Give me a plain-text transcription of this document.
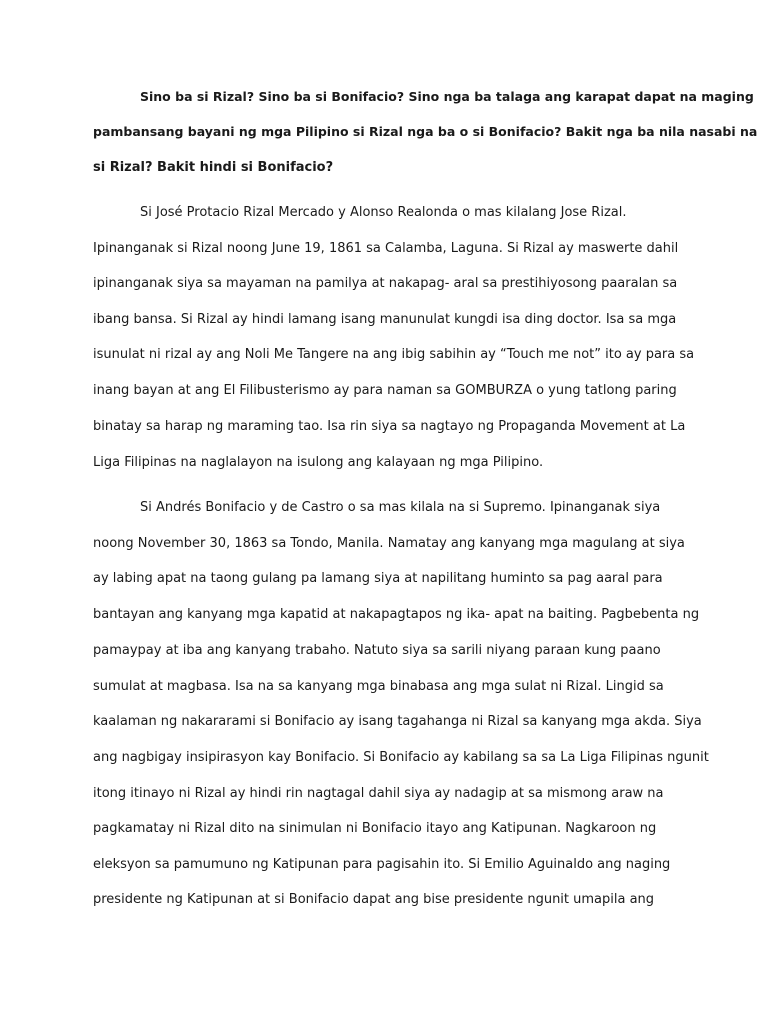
Sino ba si Rizal? Sino ba si Bonifacio? Sino nga ba talaga ang karapat dapat na maging

pambansang bayani ng mga Pilipino si Rizal nga ba o si Bonifacio? Bakit nga ba nila nasabi na

si Rizal? Bakit hindi si Bonifacio?

Si José Protacio Rizal Mercado y Alonso Realonda o mas kilalang Jose Rizal.

Ipinanganak si Rizal noong June 19, 1861 sa Calamba, Laguna. Si Rizal ay maswerte dahil

ipinanganak siya sa mayaman na pamilya at nakapag- aral sa prestihiyosong paaralan sa

ibang bansa. Si Rizal ay hindi lamang isang manunulat kungdi isa ding doctor. Isa sa mga

isunulat ni rizal ay ang Noli Me Tangere na ang ibig sabihin ay “Touch me not” ito ay para sa

inang bayan at ang El Filibusterismo ay para naman sa GOMBURZA o yung tatlong paring

binatay sa harap ng maraming tao. Isa rin siya sa nagtayo ng Propaganda Movement at La

Liga Filipinas na naglalayon na isulong ang kalayaan ng mga Pilipino.

Si Andrés Bonifacio y de Castro o sa mas kilala na si Supremo. Ipinanganak siya

noong November 30, 1863 sa Tondo, Manila. Namatay ang kanyang mga magulang at siya

ay labing apat na taong gulang pa lamang siya at napilitang huminto sa pag aaral para

bantayan ang kanyang mga kapatid at nakapagtapos ng ika- apat na baiting. Pagbebenta ng

pamaypay at iba ang kanyang trabaho. Natuto siya sa sarili niyang paraan kung paano

sumulat at magbasa. Isa na sa kanyang mga binabasa ang mga sulat ni Rizal. Lingid sa

kaalaman ng nakararami si Bonifacio ay isang tagahanga ni Rizal sa kanyang mga akda. Siya

ang nagbigay insipirasyon kay Bonifacio. Si Bonifacio ay kabilang sa sa La Liga Filipinas ngunit

itong itinayo ni Rizal ay hindi rin nagtagal dahil siya ay nadagip at sa mismong araw na

pagkamatay ni Rizal dito na sinimulan ni Bonifacio itayo ang Katipunan. Nagkaroon ng

eleksyon sa pamumuno ng Katipunan para pagisahin ito. Si Emilio Aguinaldo ang naging

presidente ng Katipunan at si Bonifacio dapat ang bise presidente ngunit umapila ang
